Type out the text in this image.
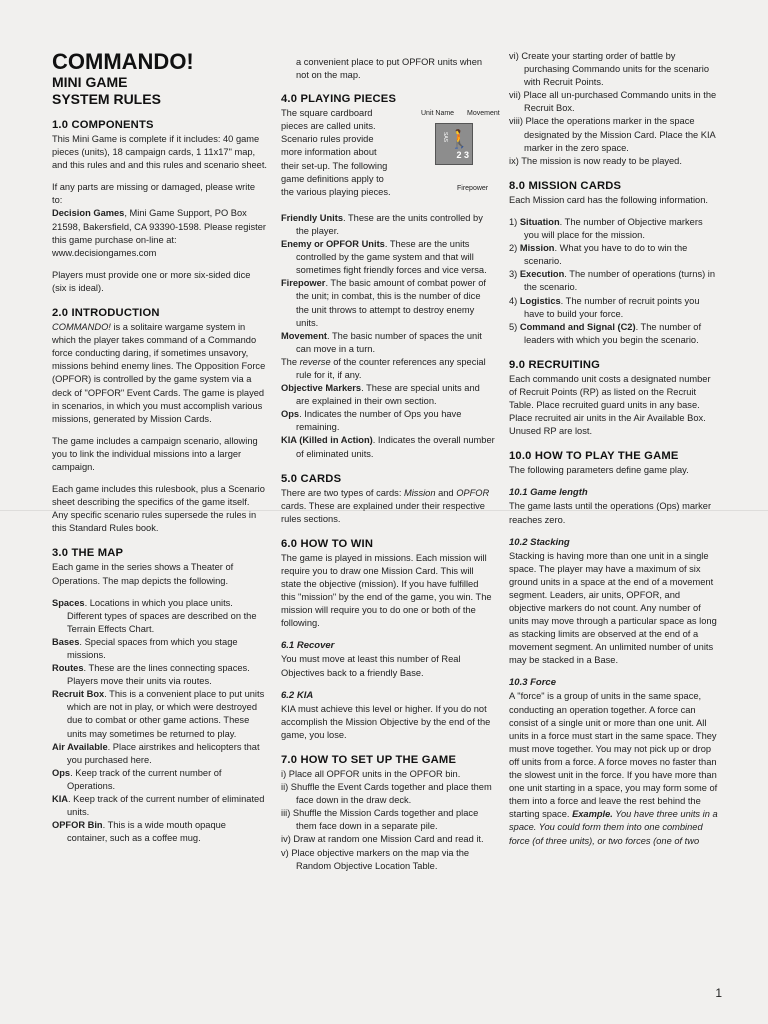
COMMANDO!
MINI GAME
SYSTEM RULES
1.0 COMPONENTS

This Mini Game is complete if it includes: 40 game pieces (units), 18 campaign cards, 1 11x17" map, and this rules and and this rules and scenario sheet.

If any parts are missing or damaged, please write to:
Decision Games, Mini Game Support, PO Box 21598, Bakersfield, CA 93390-1598. Please register this game purchase on-line at: www.decisiongames.com

Players must provide one or more six-sided dice (six is ideal).

2.0 INTRODUCTION

COMMANDO! is a solitaire wargame system in which the player takes command of a Commando force conducting daring, if sometimes unsavory, missions behind enemy lines. The Opposition Force (OPFOR) is controlled by the game system via a deck of "OPFOR" Event Cards. The game is played in scenarios, in which you must accomplish various missions, generated by Mission Cards.

The game includes a campaign scenario, allowing you to link the individual missions into a larger campaign.

Each game includes this rulesbook, plus a Scenario sheet describing the specifics of the game itself. Any specific scenario rules supersede the rules in this Standard Rules book.

3.0 THE MAP

Each game in the series shows a Theater of Operations. The map depicts the following.

Spaces. Locations in which you place units. Different types of spaces are described on the Terrain Effects Chart.
Bases. Special spaces from which you stage missions.
Routes. These are the lines connecting spaces. Players move their units via routes.
Recruit Box. This is a convenient place to put units which are not in play, or which were destroyed due to combat or other game actions. These units may sometimes be returned to play.
Air Available. Place airstrikes and helicopters that you purchased here.
Ops. Keep track of the current number of Operations.
KIA. Keep track of the current number of eliminated units.
OPFOR Bin. This is a wide mouth opaque container, such as a coffee mug.

a convenient place to put OPFOR units when not on the map.

4.0 PLAYING PIECES
Unit Name Movement
SAS 🚶
2 3
Firepower

The square cardboard pieces are called units. Scenario rules provide more information about their set-up. The following game definitions apply to the various playing pieces.

Friendly Units. These are the units controlled by the player.
Enemy or OPFOR Units. These are the units controlled by the game system and that will sometimes fight friendly forces and vice versa.
Firepower. The basic amount of combat power of the unit; in combat, this is the number of dice the unit throws to attempt to destroy enemy units.
Movement. The basic number of spaces the unit can move in a turn.
The reverse of the counter references any special rule for it, if any.
Objective Markers. These are special units and are explained in their own section.
Ops. Indicates the number of Ops you have remaining.
KIA (Killed in Action). Indicates the overall number of eliminated units.
5.0 CARDS

There are two types of cards: Mission and OPFOR cards. These are explained under their respective rules sections.

6.0 HOW TO WIN

The game is played in missions. Each mission will require you to draw one Mission Card. This will state the objective (mission). If you have fulfilled this "mission" by the end of the game, you win. The mission will require you to do one or both of the following.

6.1 Recover

You must move at least this number of Real Objectives back to a friendly Base.

6.2 KIA

KIA must achieve this level or higher. If you do not accomplish the Mission Objective by the end of the game, you lose.

7.0 HOW TO SET UP THE GAME
i) Place all OPFOR units in the OPFOR bin.
ii) Shuffle the Event Cards together and place them face down in the draw deck.
iii) Shuffle the Mission Cards together and place them face down in a separate pile.
iv) Draw at random one Mission Card and read it.
v) Place objective markers on the map via the Random Objective Location Table.
vi) Create your starting order of battle by purchasing Commando units for the scenario with Recruit Points.
vii) Place all un-purchased Commando units in the Recruit Box.
viii) Place the operations marker in the space designated by the Mission Card. Place the KIA marker in the zero space.
ix) The mission is now ready to be played.
8.0 MISSION CARDS

Each Mission card has the following information.

1) Situation. The number of Objective markers you will place for the mission.
2) Mission. What you have to do to win the scenario.
3) Execution. The number of operations (turns) in the scenario.
4) Logistics. The number of recruit points you have to build your force.
5) Command and Signal (C2). The number of leaders with which you begin the scenario.
9.0 RECRUITING

Each commando unit costs a designated number of Recruit Points (RP) as listed on the Recruit Table. Place recruited guard units in any base. Place recruited air units in the Air Available Box. Unused RP are lost.

10.0 HOW TO PLAY THE GAME

The following parameters define game play.

10.1 Game length

The game lasts until the operations (Ops) marker reaches zero.

10.2 Stacking

Stacking is having more than one unit in a single space. The player may have a maximum of six ground units in a space at the end of a movement segment. Leaders, air units, OPFOR, and objective markers do not count. Any number of units may move through a particular space as long as stacking limits are observed at the end of a movement segment. An unlimited number of units may be stacked in a Base.

10.3 Force

A "force" is a group of units in the same space, conducting an operation together. A force can consist of a single unit or more than one unit. All units in a force must start in the same space. They must move together. You may not pick up or drop off units from a force. A force moves no faster than the slowest unit in the force. If you have more than one unit starting in a space, you may form some of them into a force and leave the rest behind the starting space. Example. You have three units in a space. You could form them into one combined force (of three units), or two forces (one of two

1
